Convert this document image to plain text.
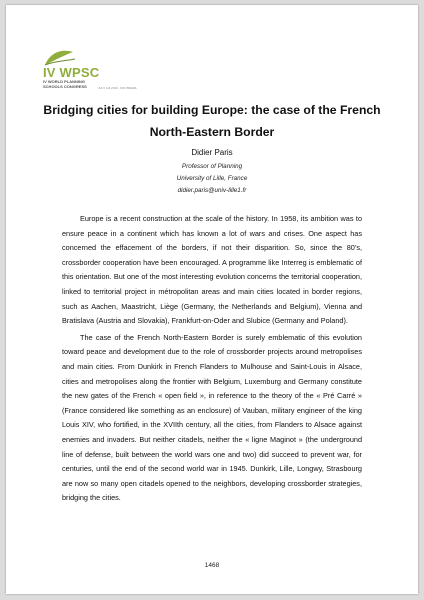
IV WPSC
IV WORLD PLANNING
SCHOOLS CONGRESS	JULY 4-8 2016 · RIO BRAZIL
Bridging cities for building Europe: the case of the French North-Eastern Border
Didier Paris
Professor of Planning
University of Lille, France
didier.paris@univ-lille1.fr

Europe is a recent construction at the scale of the history. In 1958, its ambition was to ensure peace in a continent which has known a lot of wars and crises. One aspect has concerned the effacement of the borders, if not their disparition. So, since the 80’s, crossborder cooperation have been encouraged. A programme like Interreg is emblematic of this orientation. But one of the most interesting evolution concerns the territorial cooperation, linked to territorial project in métropolitan areas and main cities located in border regions, such as Aachen, Maastricht, Liège (Germany, the Netherlands and Belgium), Vienna and Bratislava (Austria and Slovakia), Frankfurt-on-Oder and Slubice (Germany and Poland).

The case of the French North-Eastern Border is surely emblematic of this evolution toward peace and development due to the role of crossborder projects around metropolises and main cities. From Dunkirk in French Flanders to Mulhouse and Saint-Louis in Alsace, cities and metropolises along the frontier with Belgium, Luxemburg and Germany constitute the new gates of the French « open field », in reference to the theory of the « Pré Carré » (France considered like something as an enclosure) of Vauban, military engineer of the king Louis XIV, who fortified, in the XVIIth century, all the cities, from Flanders to Alsace against enemies and invaders. But neither citadels, neither the « ligne Maginot » (the underground line of defense, built between the world wars one and two) did succeed to prevent war, for centuries, until the end of the second world war in 1945. Dunkirk, Lille, Longwy, Strasbourg are now so many open citadels opened to the neighbors, developing crossborder strategies, bridging the cities.

1468
